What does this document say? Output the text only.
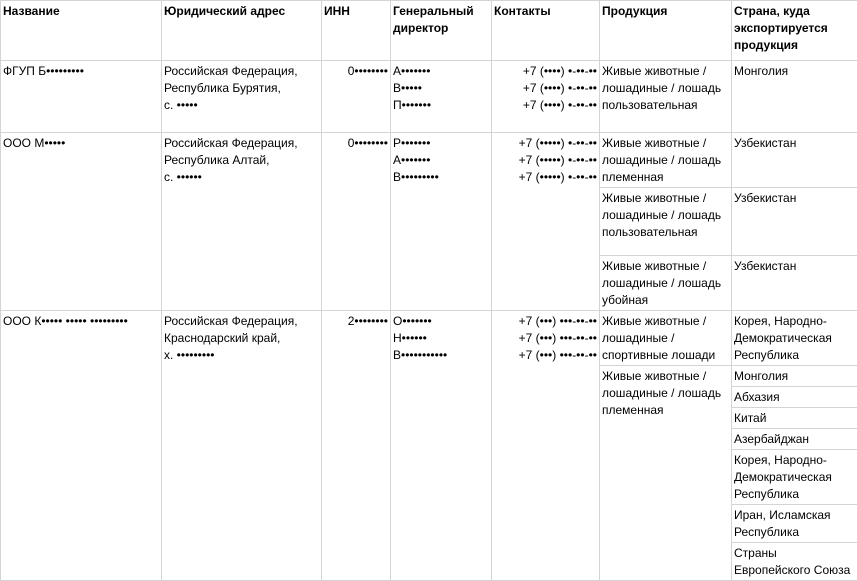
Название	Юридический адрес	ИНН	Генеральный директор	Контакты	Продукция	Страна, куда экспортируется продукция
ФГУП Б•••••••••	Российская Федерация,
Республика Бурятия,
с. •••••	0••••••••	А•••••••
В•••••
П•••••••	+7 (••••) •-••-••
+7 (••••) •-••-••
+7 (••••) •-••-••	Живые животные / лошадиные / лошадь пользовательная	Монголия
ООО М•••••	Российская Федерация,
Республика Алтай,
с. ••••••	0••••••••	Р•••••••
А•••••••
В•••••••••	+7 (•••••) •-••-••
+7 (•••••) •-••-••
+7 (•••••) •-••-••	Живые животные / лошадиные / лошадь племенная	Узбекистан
					Живые животные / лошадиные / лошадь пользовательная	Узбекистан
					Живые животные / лошадиные / лошадь убойная	Узбекистан
ООО К••••• ••••• •••••••••	Российская Федерация,
Краснодарский край,
х. •••••••••	2••••••••	О•••••••
Н••••••
В•••••••••••	+7 (•••) •••-••-••
+7 (•••) •••-••-••
+7 (•••) •••-••-••	Живые животные / лошадиные / спортивные лошади	Корея, Народно-Демократическая Республика
					Живые животные / лошадиные / лошадь племенная	Монголия
						Абхазия
						Китай
						Азербайджан
						Корея, Народно-Демократическая Республика
						Иран, Исламская Республика
						Страны Европейского Союза
